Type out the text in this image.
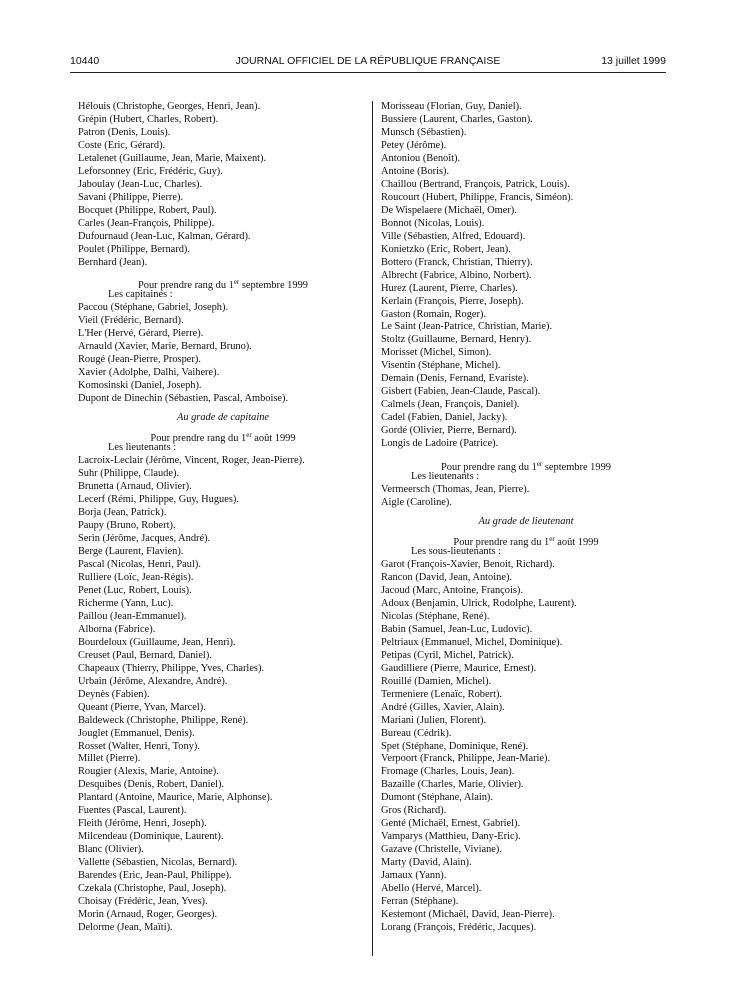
10440	JOURNAL OFFICIEL DE LA RÉPUBLIQUE FRANÇAISE	13 juillet 1999
Hélouis (Christophe, Georges, Henri, Jean).
Grépin (Hubert, Charles, Robert).
Patron (Denis, Louis).
Coste (Eric, Gérard).
Letalenet (Guillaume, Jean, Marie, Maixent).
Leforsonney (Eric, Frédéric, Guy).
Jaboulay (Jean-Luc, Charles).
Savani (Philippe, Pierre).
Bocquet (Philippe, Robert, Paul).
Carles (Jean-François, Philippe).
Dufournaud (Jean-Luc, Kalman, Gérard).
Poulet (Philippe, Bernard).
Bernhard (Jean).
Pour prendre rang du 1er septembre 1999
Les capitaines :
Paccou (Stéphane, Gabriel, Joseph).
Vieil (Frédéric, Bernard).
L'Her (Hervé, Gérard, Pierre).
Arnauld (Xavier, Marie, Bernard, Bruno).
Rougé (Jean-Pierre, Prosper).
Xavier (Adolphe, Dalhi, Vaihere).
Komosinski (Daniel, Joseph).
Dupont de Dinechin (Sébastien, Pascal, Amboise).
Au grade de capitaine
Pour prendre rang du 1er août 1999
Les lieutenants :
Lacroix-Leclair (Jérôme, Vincent, Roger, Jean-Pierre).
Suhr (Philippe, Claude).
Brunetta (Arnaud, Olivier).
Lecerf (Rémi, Philippe, Guy, Hugues).
Borja (Jean, Patrick).
Paupy (Bruno, Robert).
Serin (Jérôme, Jacques, André).
Berge (Laurent, Flavien).
Pascal (Nicolas, Henri, Paul).
Rulliere (Loïc, Jean-Régis).
Penet (Luc, Robert, Louis).
Richerme (Yann, Luc).
Paillou (Jean-Emmanuel).
Alborna (Fabrice).
Bourdeloux (Guillaume, Jean, Henri).
Creuset (Paul, Bernard, Daniel).
Chapeaux (Thierry, Philippe, Yves, Charles).
Urbain (Jérôme, Alexandre, André).
Deynès (Fabien).
Queant (Pierre, Yvan, Marcel).
Baldeweck (Christophe, Philippe, René).
Jouglet (Emmanuel, Denis).
Rosset (Walter, Henri, Tony).
Millet (Pierre).
Rougier (Alexis, Marie, Antoine).
Desquibes (Denis, Robert, Daniel).
Plantard (Antoine, Maurice, Marie, Alphonse).
Fuentes (Pascal, Laurent).
Fleith (Jérôme, Henri, Joseph).
Milcendeau (Dominique, Laurent).
Blanc (Olivier).
Vallette (Sébastien, Nicolas, Bernard).
Barendes (Eric, Jean-Paul, Philippe).
Czekala (Christophe, Paul, Joseph).
Choisay (Frédéric, Jean, Yves).
Morin (Arnaud, Roger, Georges).
Delorme (Jean, Maïti).
Morisseau (Florian, Guy, Daniel).
Bussiere (Laurent, Charles, Gaston).
Munsch (Sébastien).
Petey (Jérôme).
Antoniou (Benoît).
Antoine (Boris).
Chaillou (Bertrand, François, Patrick, Louis).
Roucourt (Hubert, Philippe, Francis, Siméon).
De Wispelaere (Michaël, Omer).
Bonnot (Nicolas, Louis).
Ville (Sébastien, Alfred, Edouard).
Konietzko (Eric, Robert, Jean).
Bottero (Franck, Christian, Thierry).
Albrecht (Fabrice, Albino, Norbert).
Hurez (Laurent, Pierre, Charles).
Kerlain (François, Pierre, Joseph).
Gaston (Romain, Roger).
Le Saint (Jean-Patrice, Christian, Marie).
Stoltz (Guillaume, Bernard, Henry).
Morisset (Michel, Simon).
Visentin (Stéphane, Michel).
Demain (Denis, Fernand, Evariste).
Gisbert (Fabien, Jean-Claude, Pascal).
Calmels (Jean, François, Daniel).
Cadel (Fabien, Daniel, Jacky).
Gordé (Olivier, Pierre, Bernard).
Longis de Ladoire (Patrice).
Pour prendre rang du 1er septembre 1999
Les lieutenants :
Vermeersch (Thomas, Jean, Pierre).
Aigle (Caroline).
Au grade de lieutenant
Pour prendre rang du 1er août 1999
Les sous-lieutenants :
Garot (François-Xavier, Benoit, Richard).
Rancon (David, Jean, Antoine).
Jacoud (Marc, Antoine, François).
Adoux (Benjamin, Ulrick, Rodolphe, Laurent).
Nicolas (Stéphane, René).
Babin (Samuel, Jean-Luc, Ludovic).
Peltriaux (Emmanuel, Michel, Dominique).
Petipas (Cyril, Michel, Patrick).
Gaudilliere (Pierre, Maurice, Ernest).
Rouillé (Damien, Michel).
Termeniere (Lenaïc, Robert).
André (Gilles, Xavier, Alain).
Mariani (Julien, Florent).
Bureau (Cédrik).
Spet (Stéphane, Dominique, René).
Verpoort (Franck, Philippe, Jean-Marie).
Fromage (Charles, Louis, Jean).
Bazaille (Charles, Marie, Olivier).
Dumont (Stéphane, Alain).
Gros (Richard).
Genté (Michaël, Ernest, Gabriel).
Vamparys (Matthieu, Dany-Eric).
Gazave (Christelle, Viviane).
Marty (David, Alain).
Jamaux (Yann).
Abello (Hervé, Marcel).
Ferran (Stéphane).
Kestemont (Michaël, David, Jean-Pierre).
Lorang (François, Frédéric, Jacques).
